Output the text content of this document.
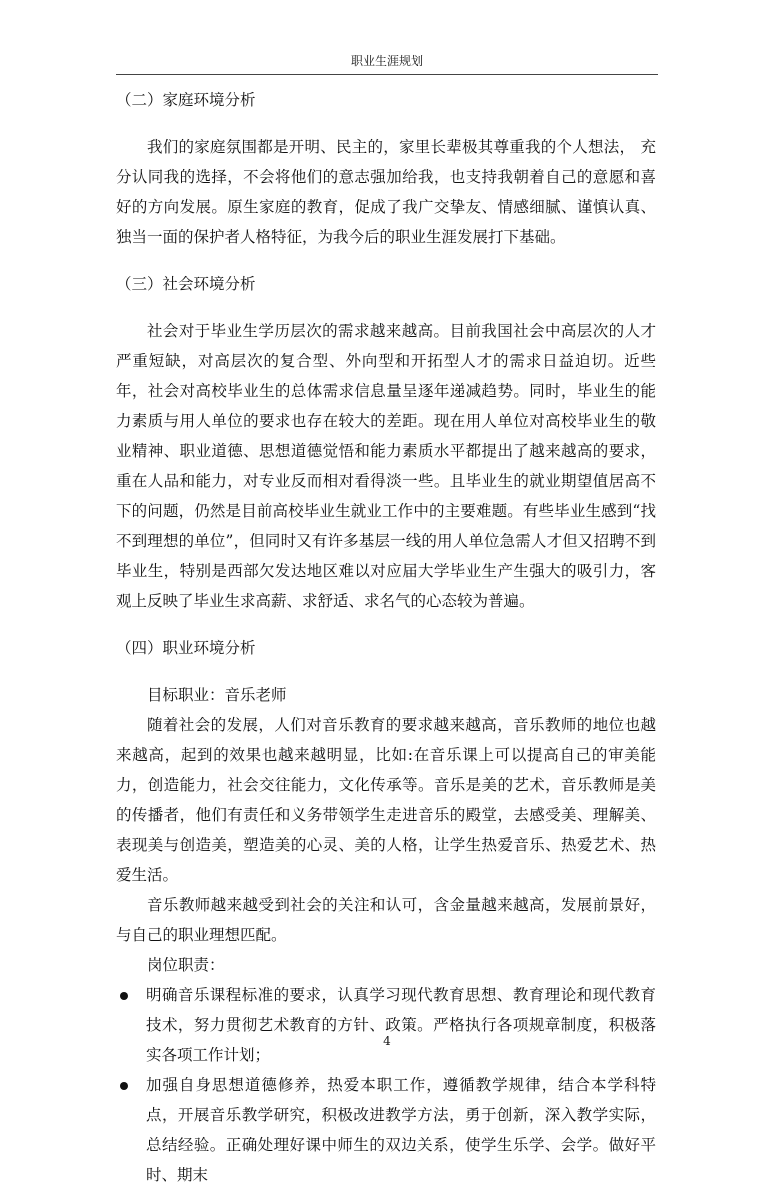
职业生涯规划

（二）家庭环境分析

我们的家庭氛围都是开明、民主的，家里长辈极其尊重我的个人想法， 充分认同我的选择，不会将他们的意志强加给我，也支持我朝着自己的意愿和喜好的方向发展。原生家庭的教育，促成了我广交挚友、情感细腻、谨慎认真、独当一面的保护者人格特征，为我今后的职业生涯发展打下基础。

（三）社会环境分析

社会对于毕业生学历层次的需求越来越高。目前我国社会中高层次的人才严重短缺，对高层次的复合型、外向型和开拓型人才的需求日益迫切。近些年，社会对高校毕业生的总体需求信息量呈逐年递减趋势。同时，毕业生的能力素质与用人单位的要求也存在较大的差距。现在用人单位对高校毕业生的敬业精神、职业道德、思想道德觉悟和能力素质水平都提出了越来越高的要求，重在人品和能力，对专业反而相对看得淡一些。且毕业生的就业期望值居高不下的问题，仍然是目前高校毕业生就业工作中的主要难题。有些毕业生感到“找不到理想的单位”，但同时又有许多基层一线的用人单位急需人才但又招聘不到毕业生，特别是西部欠发达地区难以对应届大学毕业生产生强大的吸引力，客观上反映了毕业生求高薪、求舒适、求名气的心态较为普遍。

（四）职业环境分析

目标职业：音乐老师

随着社会的发展，人们对音乐教育的要求越来越高，音乐教师的地位也越来越高，起到的效果也越来越明显，比如:在音乐课上可以提高自己的审美能力，创造能力，社会交往能力，文化传承等。音乐是美的艺术，音乐教师是美的传播者，他们有责任和义务带领学生走进音乐的殿堂，去感受美、理解美、表现美与创造美，塑造美的心灵、美的人格，让学生热爱音乐、热爱艺术、热爱生活。

音乐教师越来越受到社会的关注和认可，含金量越来越高，发展前景好，与自己的职业理想匹配。

岗位职责：

明确音乐课程标准的要求，认真学习现代教育思想、教育理论和现代教育技术，努力贯彻艺术教育的方针、政策。严格执行各项规章制度，积极落实各项工作计划；

加强自身思想道德修养，热爱本职工作，遵循教学规律，结合本学科特点，开展音乐教学研究，积极改进教学方法，勇于创新，深入教学实际，总结经验。正确处理好课中师生的双边关系，使学生乐学、会学。做好平时、期末

4
